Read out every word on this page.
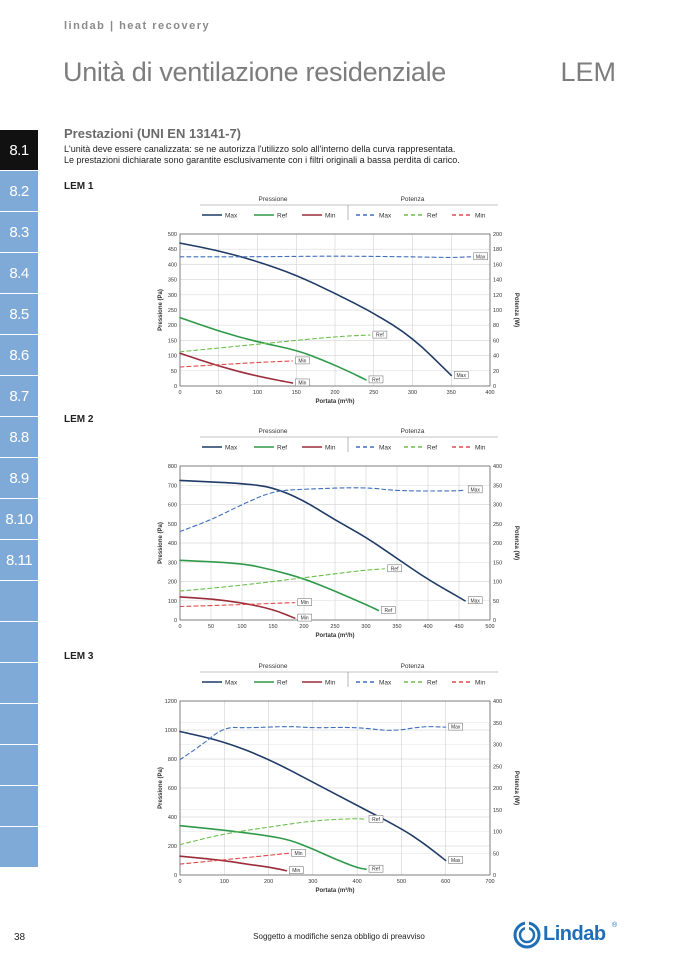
lindab | heat recovery
Unità di ventilazione residenziale	LEM
8.1
8.2
8.3
8.4
8.5
8.6
8.7
8.8
8.9
8.10
8.11
Prestazioni (UNI EN 13141-7)
L'unità deve essere canalizzata: se ne autorizza l'utilizzo solo all'interno della curva rappresentata.
Le prestazioni dichiarate sono garantite esclusivamente con i filtri originali a bassa perdita di carico.
LEM 1
LEM 2
LEM 3
Pressione	Potenza
Max	Ref	Min	Max	Ref	Min
0	50	100	150	200	250	300	350	400
0
50
100
150
200
250
300
350
400
450
500
0
20
40
60
80
100
120
140
160
180
200
Portata (m³/h)
Pressione (Pa)	Potenza (W)
Max
Ref
Min
Max
Ref
Min
Pressione	Potenza
Max	Ref	Min	Max	Ref	Min
0	50	100	150	200	250	300	350	400	450	500
0
100
200
300
400
500
600
700
800
0
50
100
150
200
250
300
350
400
Portata (m³/h)
Pressione (Pa)	Potenza (W)
Max
Ref
Min
Max
Ref
Min
Pressione	Potenza
Max	Ref	Min	Max	Ref	Min
0	100	200	300	400	500	600	700
0
200
400
600
800
1000
1200
0
50
100
150
200
250
300
350
400
Portata (m³/h)
Pressione (Pa)	Potenza (W)
Max
Ref
Min
Max
Ref
Min
38	Soggetto a modifiche senza obbligo di preavviso	Lindab ®
